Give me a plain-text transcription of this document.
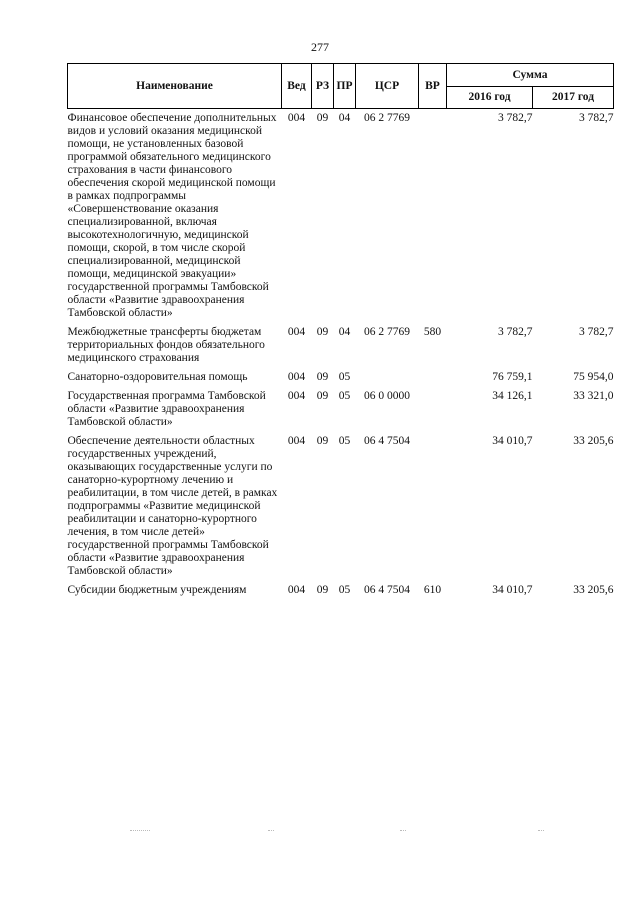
277
Наименование	Вед	РЗ	ПР	ЦСР	ВР	Сумма	
						2016 год	2017 год
Финансовое обеспечение дополнительных видов и условий оказания медицинской помощи, не установленных базовой программой обязательного медицинского страхования в части финансового обеспечения скорой медицинской помощи в рамках подпрограммы «Совершенствование оказания специализированной, включая высокотехнологичную, медицинской помощи, скорой, в том числе скорой специализированной, медицинской помощи, медицинской эвакуации» государственной программы Тамбовской области «Развитие здравоохранения Тамбовской области»	004	09	04	06 2 7769		3 782,7	3 782,7
Межбюджетные трансферты бюджетам территориальных фондов обязательного медицинского страхования	004	09	04	06 2 7769	580	3 782,7	3 782,7
Санаторно-оздоровительная помощь	004	09	05			76 759,1	75 954,0
Государственная программа Тамбовской области «Развитие здравоохранения Тамбовской области»	004	09	05	06 0 0000		34 126,1	33 321,0
Обеспечение деятельности областных государственных учреждений, оказывающих государственные услуги по санаторно-курортному лечению и реабилитации, в том числе детей, в рамках подпрограммы «Развитие медицинской реабилитации и санаторно-курортного лечения, в том числе детей» государственной программы Тамбовской области «Развитие здравоохранения Тамбовской области»	004	09	05	06 4 7504		34 010,7	33 205,6
Субсидии бюджетным учреждениям	004	09	05	06 4 7504	610	34 010,7	33 205,6
